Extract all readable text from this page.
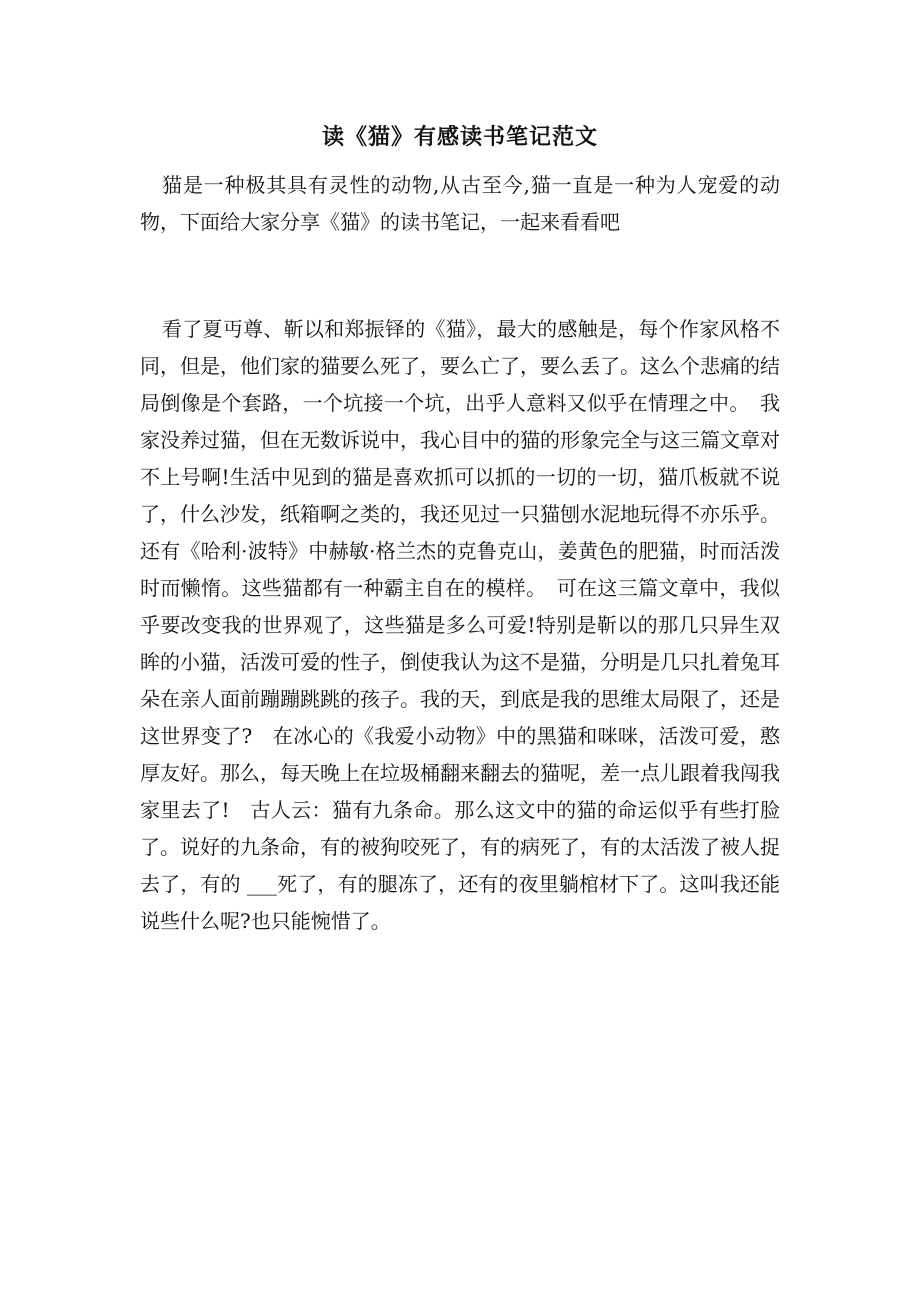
读《猫》有感读书笔记范文

猫是一种极其具有灵性的动物,从古至今,猫一直是一种为人宠爱的动物，下面给大家分享《猫》的读书笔记，一起来看看吧

看了夏丏尊、靳以和郑振铎的《猫》，最大的感触是，每个作家风格不同，但是，他们家的猫要么死了，要么亡了，要么丢了。这么个悲痛的结局倒像是个套路，一个坑接一个坑，出乎人意料又似乎在情理之中。　我家没养过猫，但在无数诉说中，我心目中的猫的形象完全与这三篇文章对不上号啊!生活中见到的猫是喜欢抓可以抓的一切的一切，猫爪板就不说了，什么沙发，纸箱啊之类的，我还见过一只猫刨水泥地玩得不亦乐乎。还有《哈利·波特》中赫敏·格兰杰的克鲁克山，姜黄色的肥猫，时而活泼时而懒惰。这些猫都有一种霸主自在的模样。　可在这三篇文章中，我似乎要改变我的世界观了，这些猫是多么可爱!特别是靳以的那几只异生双眸的小猫，活泼可爱的性子，倒使我认为这不是猫，分明是几只扎着兔耳朵在亲人面前蹦蹦跳跳的孩子。我的天，到底是我的思维太局限了，还是这世界变了?　在冰心的《我爱小动物》中的黑猫和咪咪，活泼可爱，憨厚友好。那么，每天晚上在垃圾桶翻来翻去的猫呢，差一点儿跟着我闯我家里去了!　古人云：猫有九条命。那么这文中的猫的命运似乎有些打脸了。说好的九条命，有的被狗咬死了，有的病死了，有的太活泼了被人捉去了，有的 ___死了，有的腿冻了，还有的夜里躺棺材下了。这叫我还能说些什么呢?也只能惋惜了。
